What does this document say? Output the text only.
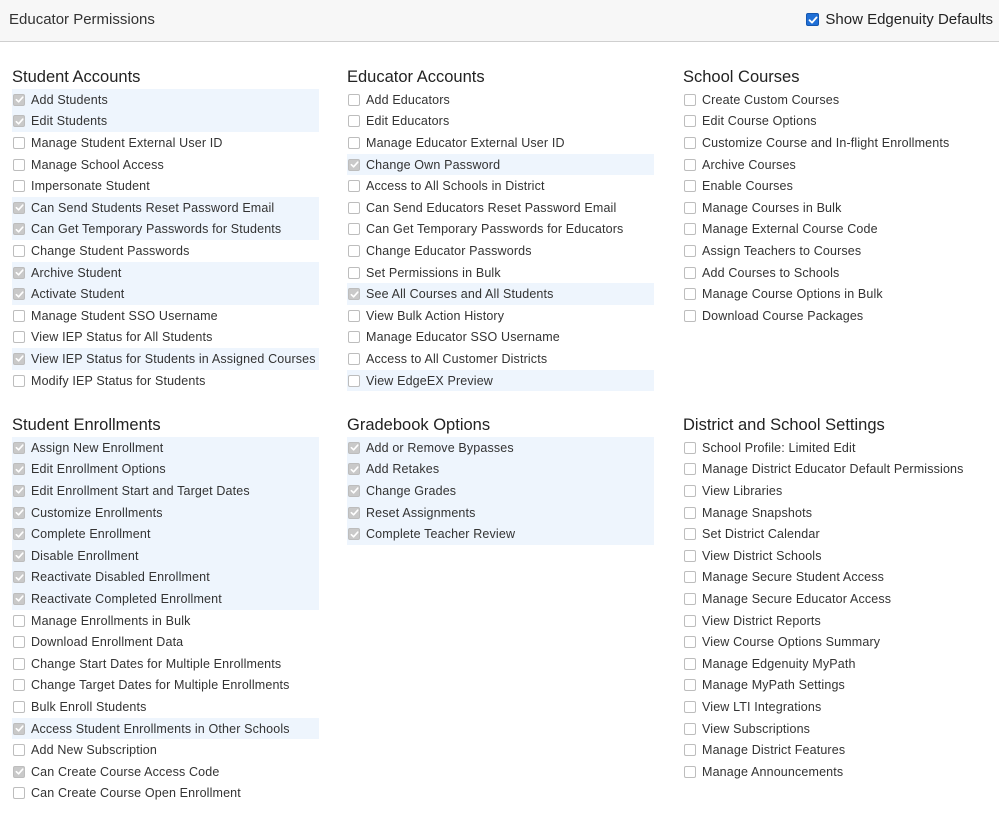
Educator Permissions	Show Edgenuity Defaults
Student Accounts
Add Students
Edit Students
Manage Student External User ID
Manage School Access
Impersonate Student
Can Send Students Reset Password Email
Can Get Temporary Passwords for Students
Change Student Passwords
Archive Student
Activate Student
Manage Student SSO Username
View IEP Status for All Students
View IEP Status for Students in Assigned Courses
Modify IEP Status for Students
Educator Accounts
Add Educators
Edit Educators
Manage Educator External User ID
Change Own Password
Access to All Schools in District
Can Send Educators Reset Password Email
Can Get Temporary Passwords for Educators
Change Educator Passwords
Set Permissions in Bulk
See All Courses and All Students
View Bulk Action History
Manage Educator SSO Username
Access to All Customer Districts
View EdgeEX Preview
School Courses
Create Custom Courses
Edit Course Options
Customize Course and In-flight Enrollments
Archive Courses
Enable Courses
Manage Courses in Bulk
Manage External Course Code
Assign Teachers to Courses
Add Courses to Schools
Manage Course Options in Bulk
Download Course Packages
Student Enrollments
Assign New Enrollment
Edit Enrollment Options
Edit Enrollment Start and Target Dates
Customize Enrollments
Complete Enrollment
Disable Enrollment
Reactivate Disabled Enrollment
Reactivate Completed Enrollment
Manage Enrollments in Bulk
Download Enrollment Data
Change Start Dates for Multiple Enrollments
Change Target Dates for Multiple Enrollments
Bulk Enroll Students
Access Student Enrollments in Other Schools
Add New Subscription
Can Create Course Access Code
Can Create Course Open Enrollment
Gradebook Options
Add or Remove Bypasses
Add Retakes
Change Grades
Reset Assignments
Complete Teacher Review
District and School Settings
School Profile: Limited Edit
Manage District Educator Default Permissions
View Libraries
Manage Snapshots
Set District Calendar
View District Schools
Manage Secure Student Access
Manage Secure Educator Access
View District Reports
View Course Options Summary
Manage Edgenuity MyPath
Manage MyPath Settings
View LTI Integrations
View Subscriptions
Manage District Features
Manage Announcements
